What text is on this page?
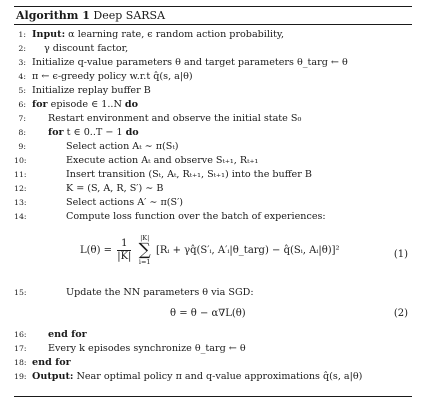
Algorithm 1 Deep SARSA
1: Input: α learning rate, ϵ random action probability,
2: γ discount factor,
3: Initialize q-value parameters θ and target parameters θ_targ ← θ
4: π ← ϵ-greedy policy w.r.t q̂(s, a|θ)
5: Initialize replay buffer B
6: for episode ∈ 1..N do
7: Restart environment and observe the initial state S₀
8: for t ∈ 0..T − 1 do
9:	Select action Aₜ ∼ π(Sₜ)
10:	Execute action Aₜ and observe Sₜ₊₁, Rₜ₊₁
11:	Insert transition (Sₜ, Aₜ, Rₜ₊₁, Sₜ₊₁) into the buffer B
12:	K = (S, A, R, S′) ∼ B
13:	Select actions A′ ∼ π(S′)
14:	Compute loss function over the batch of experiences:
$L(\theta) = \frac{1}{|K|}$
|K|
∑
i=1
[Rᵢ + γq̂(S′ᵢ, A′ᵢ|θ_targ) − q̂(Sᵢ, Aᵢ|θ)]²	(1)
15:	Update the NN parameters θ via SGD:
θ = θ − α∇L(θ)	(2)
16: end for
17: Every k episodes synchronize θ_targ ← θ
18: end for
19: Output: Near optimal policy π and q-value approximations q̂(s, a|θ)
